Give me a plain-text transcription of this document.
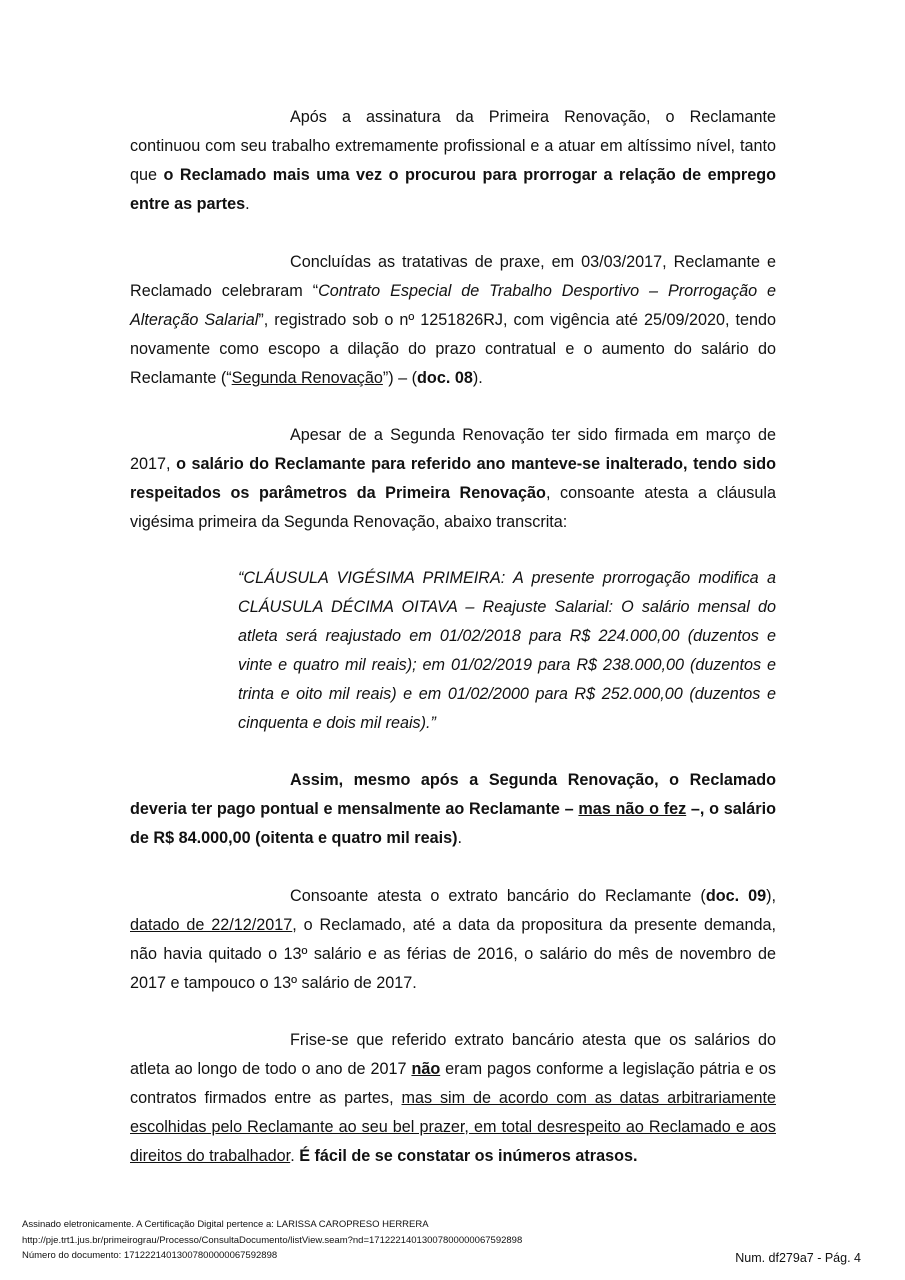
Após a assinatura da Primeira Renovação, o Reclamante continuou com seu trabalho extremamente profissional e a atuar em altíssimo nível, tanto que o Reclamado mais uma vez o procurou para prorrogar a relação de emprego entre as partes.

Concluídas as tratativas de praxe, em 03/03/2017, Reclamante e Reclamado celebraram “Contrato Especial de Trabalho Desportivo – Prorrogação e Alteração Salarial”, registrado sob o nº 1251826RJ, com vigência até 25/09/2020, tendo novamente como escopo a dilação do prazo contratual e o aumento do salário do Reclamante (“Segunda Renovação”) – (doc. 08).

Apesar de a Segunda Renovação ter sido firmada em março de 2017, o salário do Reclamante para referido ano manteve-se inalterado, tendo sido respeitados os parâmetros da Primeira Renovação, consoante atesta a cláusula vigésima primeira da Segunda Renovação, abaixo transcrita:

“CLÁUSULA VIGÉSIMA PRIMEIRA: A presente prorrogação modifica a CLÁUSULA DÉCIMA OITAVA – Reajuste Salarial: O salário mensal do atleta será reajustado em 01/02/2018 para R$ 224.000,00 (duzentos e vinte e quatro mil reais); em 01/02/2019 para R$ 238.000,00 (duzentos e trinta e oito mil reais) e em 01/02/2000 para R$ 252.000,00 (duzentos e cinquenta e dois mil reais).”

Assim, mesmo após a Segunda Renovação, o Reclamado deveria ter pago pontual e mensalmente ao Reclamante – mas não o fez –, o salário de R$ 84.000,00 (oitenta e quatro mil reais).

Consoante atesta o extrato bancário do Reclamante (doc. 09), datado de 22/12/2017, o Reclamado, até a data da propositura da presente demanda, não havia quitado o 13º salário e as férias de 2016, o salário do mês de novembro de 2017 e tampouco o 13º salário de 2017.

Frise-se que referido extrato bancário atesta que os salários do atleta ao longo de todo o ano de 2017 não eram pagos conforme a legislação pátria e os contratos firmados entre as partes, mas sim de acordo com as datas arbitrariamente escolhidas pelo Reclamante ao seu bel prazer, em total desrespeito ao Reclamado e aos direitos do trabalhador. É fácil de se constatar os inúmeros atrasos.

Assinado eletronicamente. A Certificação Digital pertence a: LARISSA CAROPRESO HERRERA
http://pje.trt1.jus.br/primeirograu/Processo/ConsultaDocumento/listView.seam?nd=17122214013007800000067592898
Número do documento: 17122214013007800000067592898	Num. df279a7 - Pág. 4
